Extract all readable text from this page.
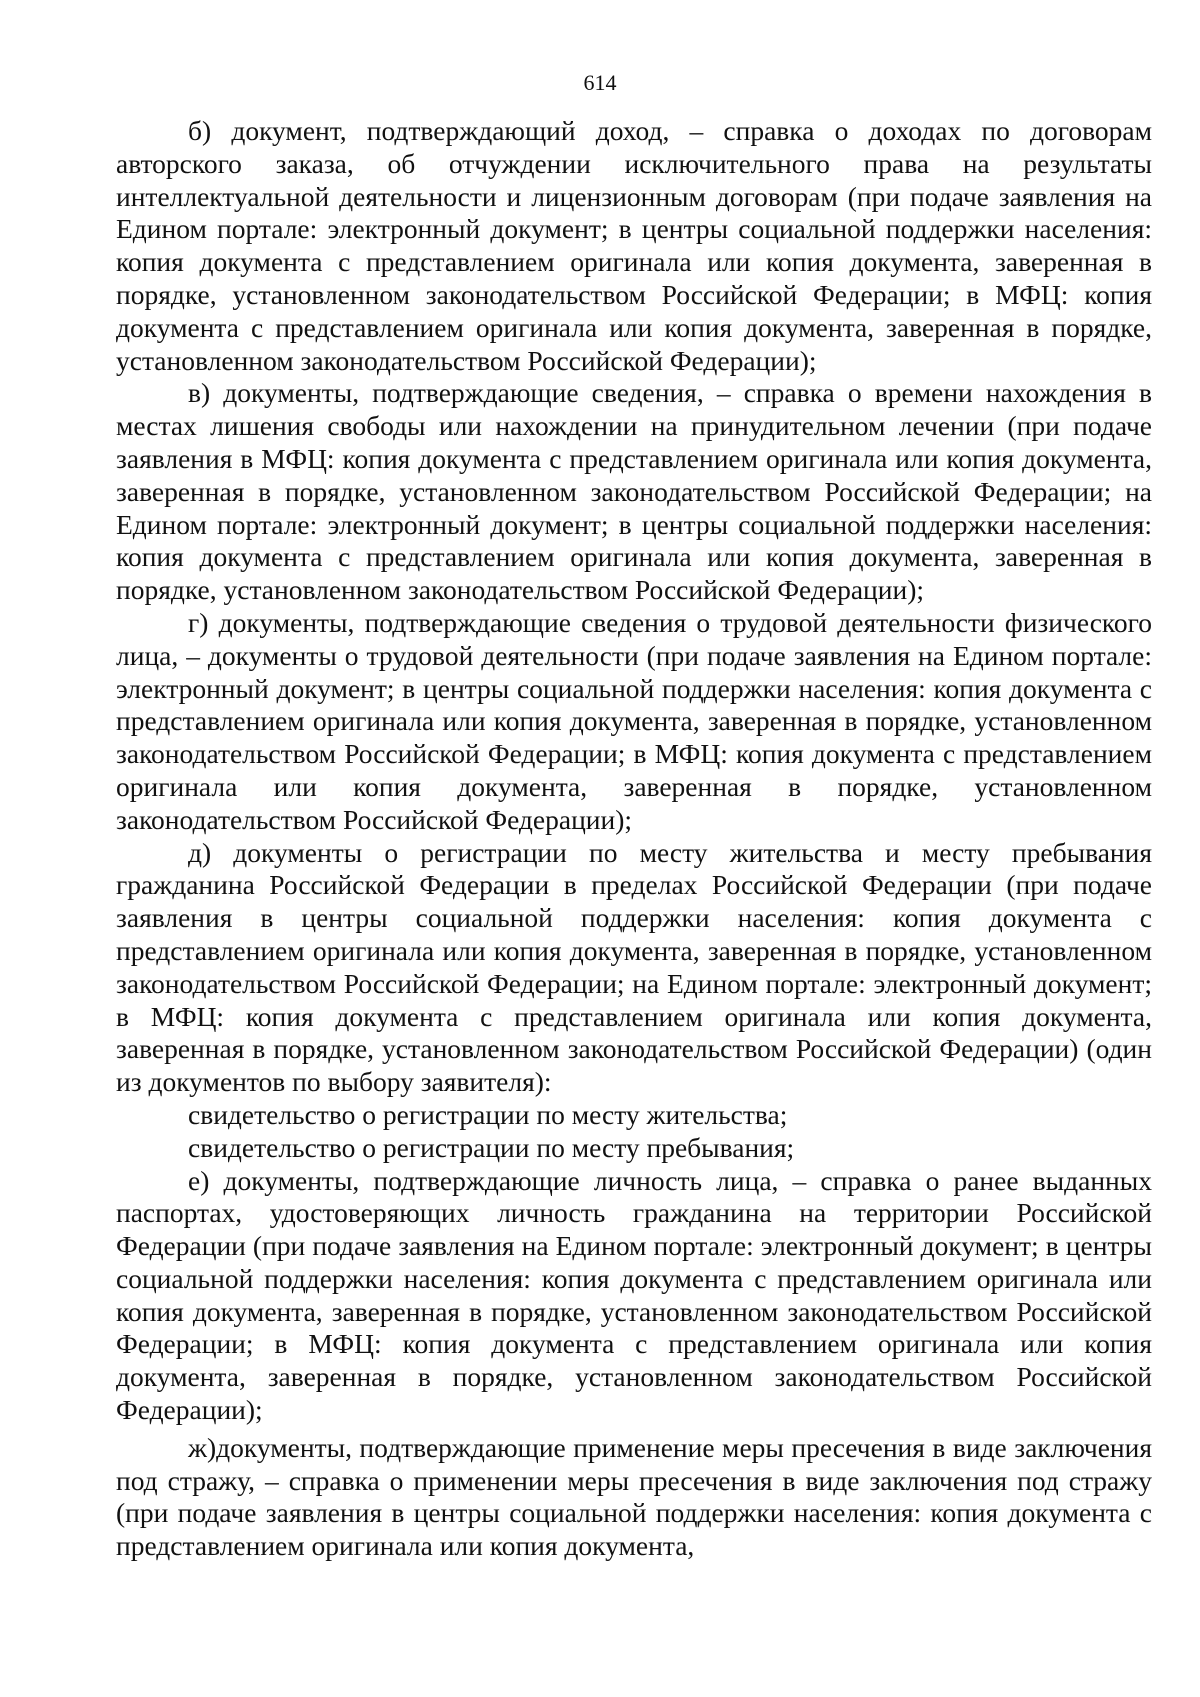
614

б) документ, подтверждающий доход, – справка о доходах по договорам авторского заказа, об отчуждении исключительного права на результаты интеллектуальной деятельности и лицензионным договорам (при подаче заявления на Едином портале: электронный документ; в центры социальной поддержки населения: копия документа с представлением оригинала или копия документа, заверенная в порядке, установленном законодательством Российской Федерации; в МФЦ: копия документа с представлением оригинала или копия документа, заверенная в порядке, установленном законодательством Российской Федерации);

в) документы, подтверждающие сведения, – справка о времени нахождения в местах лишения свободы или нахождении на принудительном лечении (при подаче заявления в МФЦ: копия документа с представлением оригинала или копия документа, заверенная в порядке, установленном законодательством Российской Федерации; на Едином портале: электронный документ; в центры социальной поддержки населения: копия документа с представлением оригинала или копия документа, заверенная в порядке, установленном законодательством Российской Федерации);

г) документы, подтверждающие сведения о трудовой деятельности физического лица, – документы о трудовой деятельности (при подаче заявления на Едином портале: электронный документ; в центры социальной поддержки населения: копия документа с представлением оригинала или копия документа, заверенная в порядке, установленном законодательством Российской Федерации; в МФЦ: копия документа с представлением оригинала или копия документа, заверенная в порядке, установленном законодательством Российской Федерации);

д) документы о регистрации по месту жительства и месту пребывания гражданина Российской Федерации в пределах Российской Федерации (при подаче заявления в центры социальной поддержки населения: копия документа с представлением оригинала или копия документа, заверенная в порядке, установленном законодательством Российской Федерации; на Едином портале: электронный документ; в МФЦ: копия документа с представлением оригинала или копия документа, заверенная в порядке, установленном законодательством Российской Федерации) (один из документов по выбору заявителя):

свидетельство о регистрации по месту жительства;

свидетельство о регистрации по месту пребывания;

е) документы, подтверждающие личность лица, – справка о ранее выданных паспортах, удостоверяющих личность гражданина на территории Российской Федерации (при подаче заявления на Едином портале: электронный документ; в центры социальной поддержки населения: копия документа с представлением оригинала или копия документа, заверенная в порядке, установленном законодательством Российской Федерации; в МФЦ: копия документа с представлением оригинала или копия документа, заверенная в порядке, установленном законодательством Российской Федерации);

ж)документы, подтверждающие применение меры пресечения в виде заключения под стражу, – справка о применении меры пресечения в виде заключения под стражу (при подаче заявления в центры социальной поддержки населения: копия документа с представлением оригинала или копия документа,
